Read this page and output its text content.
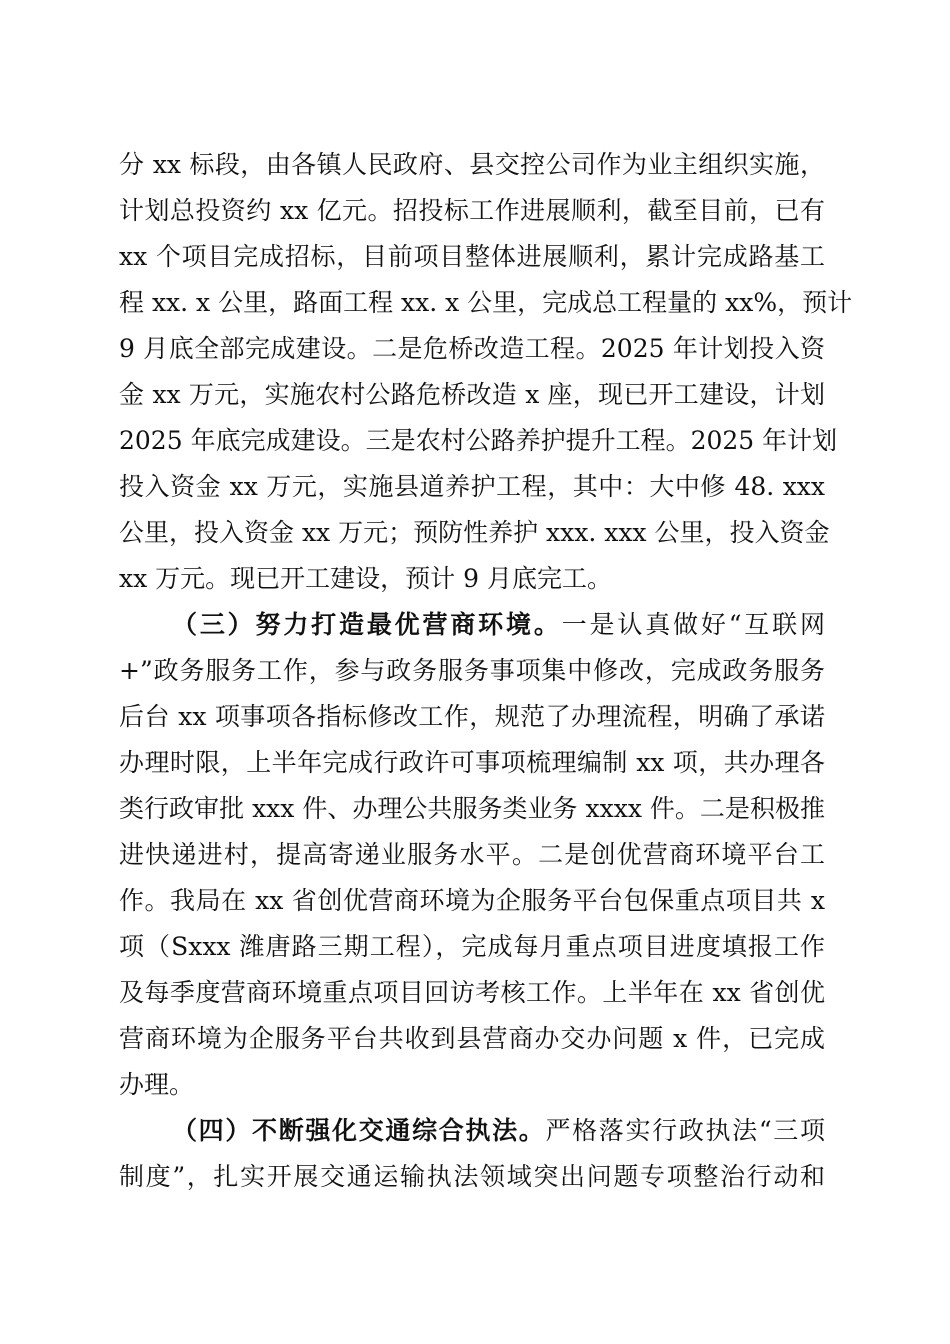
分 xx 标段，由各镇人民政府、县交控公司作为业主组织实施，
计划总投资约 xx 亿元。招投标工作进展顺利，截至目前，已有
xx 个项目完成招标，目前项目整体进展顺利，累计完成路基工
程 xx. x 公里，路面工程 xx. x 公里，完成总工程量的 xx%，预计
9 月底全部完成建设。二是危桥改造工程。2025 年计划投入资
金 xx 万元，实施农村公路危桥改造 x 座，现已开工建设，计划
2025 年底完成建设。三是农村公路养护提升工程。2025 年计划
投入资金 xx 万元，实施县道养护工程，其中：大中修 48. xxx
公里，投入资金 xx 万元；预防性养护 xxx. xxx 公里，投入资金
xx 万元。现已开工建设，预计 9 月底完工。
（三）努力打造最优营商环境。一是认真做好“互联网
+”政务服务工作，参与政务服务事项集中修改，完成政务服务
后台 xx 项事项各指标修改工作，规范了办理流程，明确了承诺
办理时限，上半年完成行政许可事项梳理编制 xx 项，共办理各
类行政审批 xxx 件、办理公共服务类业务 xxxx 件。二是积极推
进快递进村，提高寄递业服务水平。二是创优营商环境平台工
作。我局在 xx 省创优营商环境为企服务平台包保重点项目共 x
项（Sxxx 潍唐路三期工程），完成每月重点项目进度填报工作
及每季度营商环境重点项目回访考核工作。上半年在 xx 省创优
营商环境为企服务平台共收到县营商办交办问题 x 件，已完成
办理。
（四）不断强化交通综合执法。严格落实行政执法“三项
制度”，扎实开展交通运输执法领域突出问题专项整治行动和
